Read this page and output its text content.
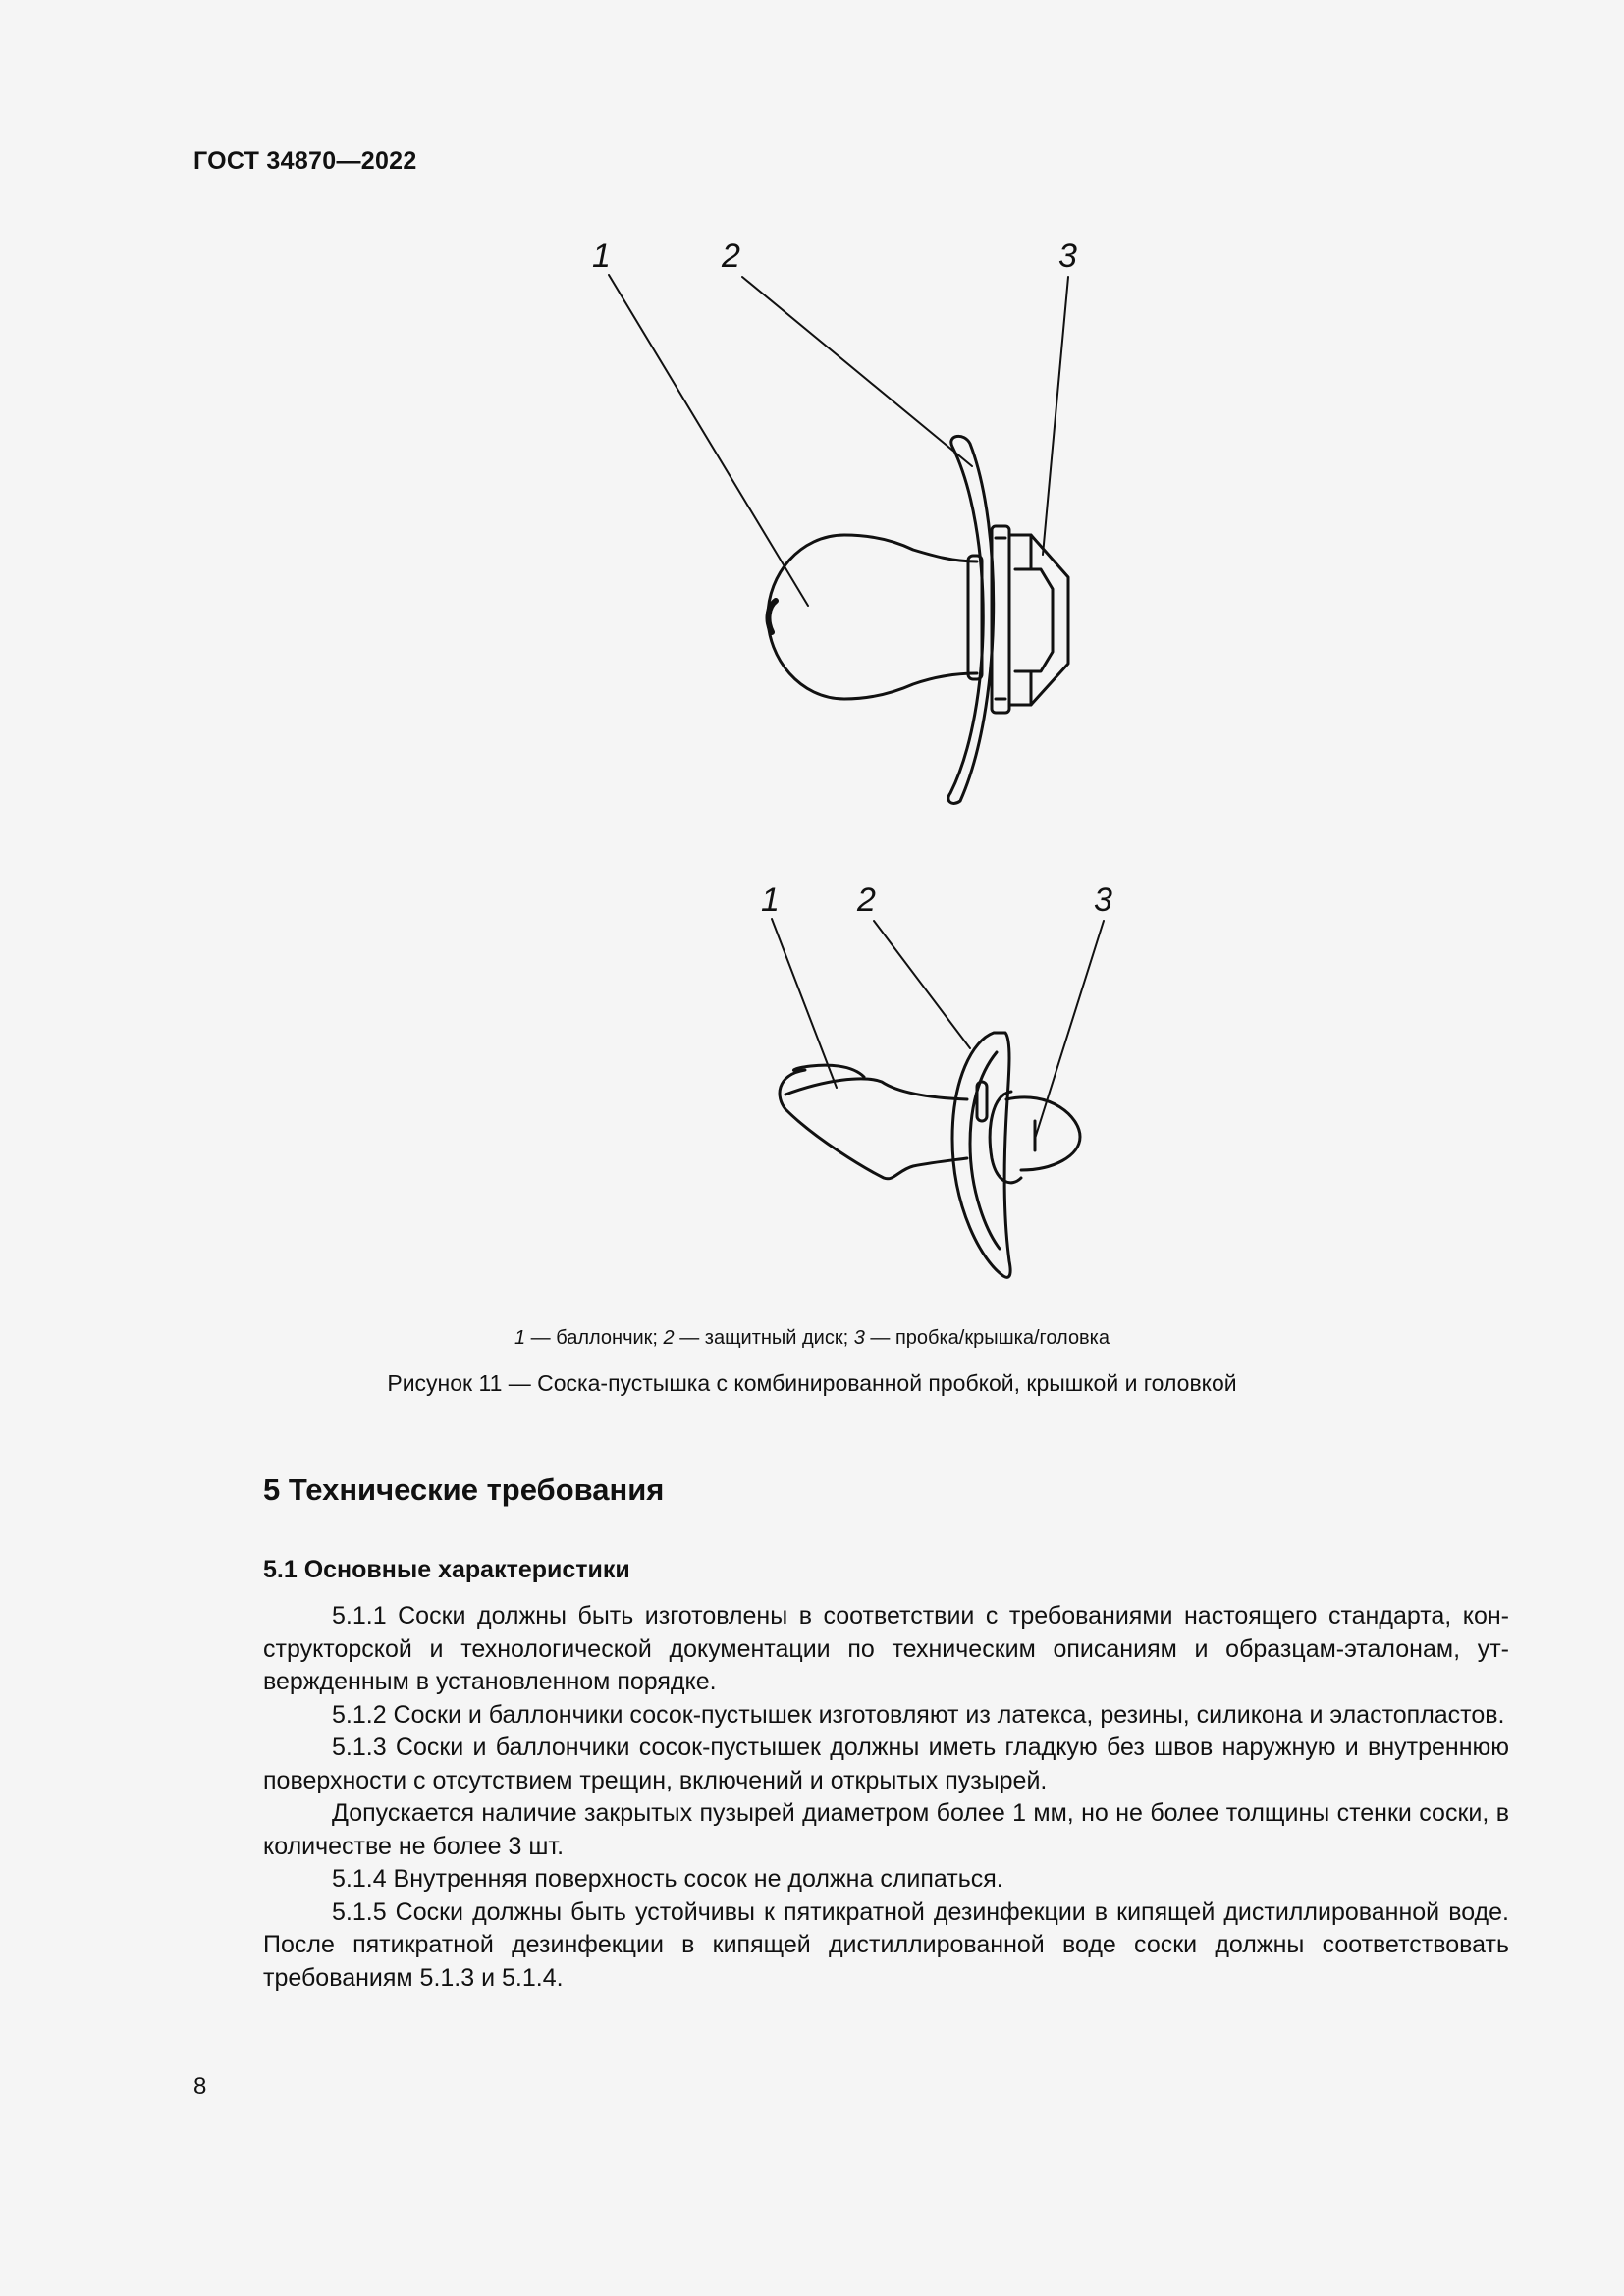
ГОСТ 34870—2022
1	2	3
1 2	3
1 — баллончик; 2 — защитный диск; 3 — пробка/крышка/головка
Рисунок 11 — Соска-пустышка с комбинированной пробкой, крышкой и головкой
5 Технические требования
5.1 Основные характеристики

5.1.1 Соски должны быть изготовлены в соответствии с требованиями настоящего стандарта, конструкторской и технологической документации по техническим описаниям и образцам-эталонам, утвержденным в установленном порядке.

5.1.2 Соски и баллончики сосок-пустышек изготовляют из латекса, резины, силикона и эластопластов.

5.1.3 Соски и баллончики сосок-пустышек должны иметь гладкую без швов наружную и внутреннюю поверхности с отсутствием трещин, включений и открытых пузырей.

Допускается наличие закрытых пузырей диаметром более 1 мм, но не более толщины стенки соски, в количестве не более 3 шт.

5.1.4 Внутренняя поверхность сосок не должна слипаться.

5.1.5 Соски должны быть устойчивы к пятикратной дезинфекции в кипящей дистиллированной воде. После пятикратной дезинфекции в кипящей дистиллированной воде соски должны соответствовать требованиям 5.1.3 и 5.1.4.

8
